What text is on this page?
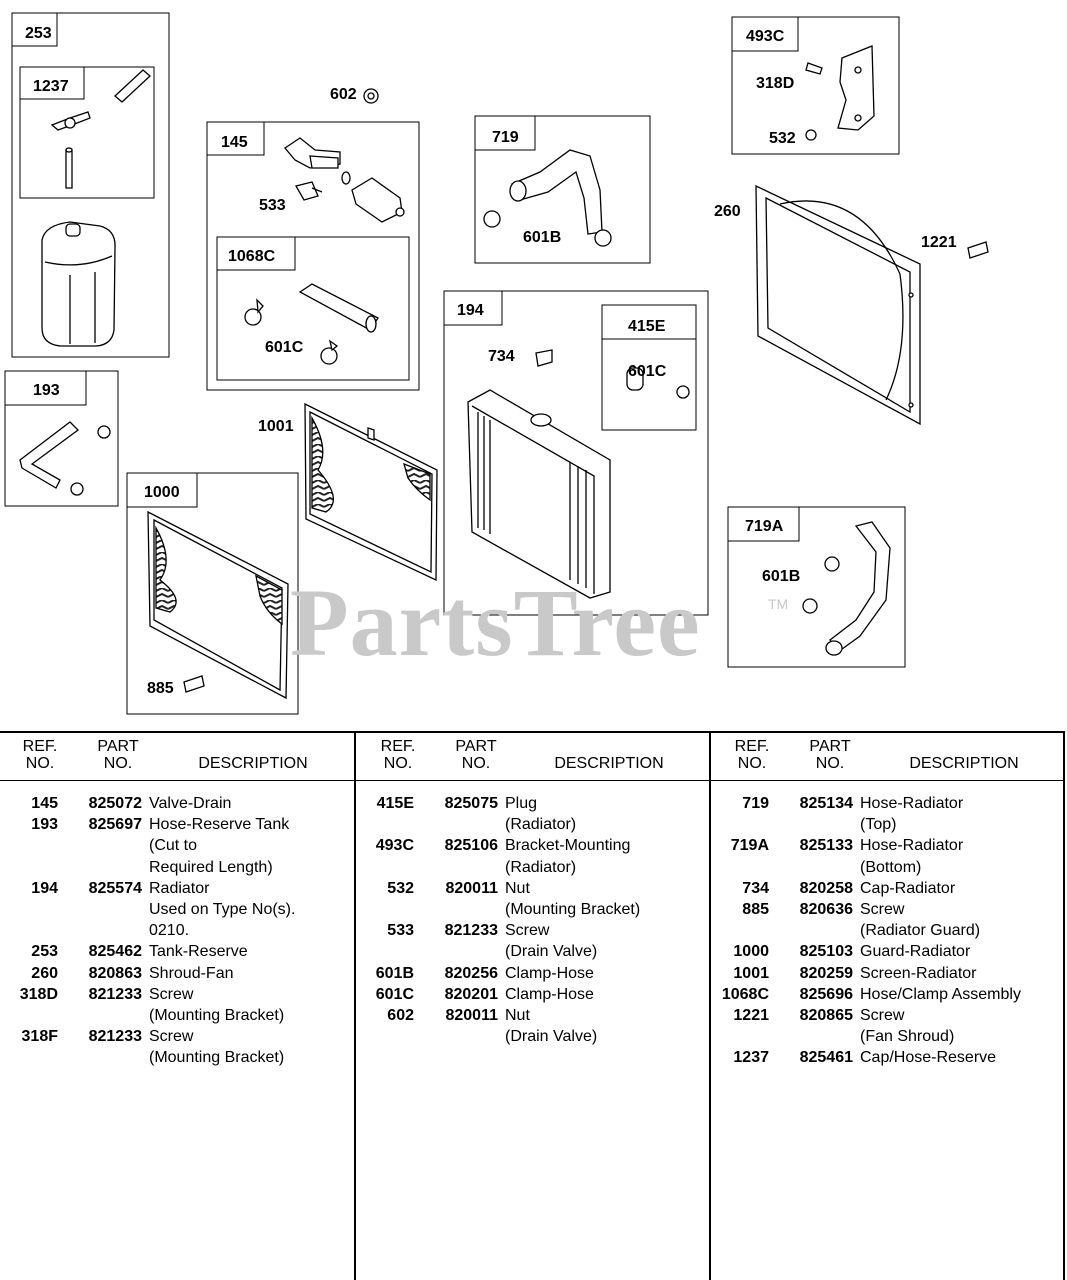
253
1237	602
145
533
1068C
601C
719
601B
493C
318D
532
260
1221
193
1001
194
734
415E
601C
1000
885
719A
601B
PartsTree	TM
REF.
NO.
PART
NO.	DESCRIPTION
145	825072 Valve-Drain
193	825697 Hose-Reserve Tank
(Cut to
Required Length)
194	825574 Radiator
Used on Type No(s).
0210.
253	825462 Tank-Reserve
260	820863 Shroud-Fan
318D	821233 Screw
(Mounting Bracket)
318F	821233 Screw
(Mounting Bracket)
REF.
NO.
PART
NO.	DESCRIPTION
415E	825075 Plug
(Radiator)
493C	825106 Bracket-Mounting
(Radiator)
532	820011 Nut
(Mounting Bracket)
533	821233 Screw
(Drain Valve)
601B	820256 Clamp-Hose
601C	820201 Clamp-Hose
602	820011 Nut
(Drain Valve)
REF.
NO.
PART
NO.	DESCRIPTION
719	825134 Hose-Radiator
(Top)
719A	825133 Hose-Radiator
(Bottom)
734	820258 Cap-Radiator
885	820636 Screw
(Radiator Guard)
1000	825103 Guard-Radiator
1001	820259 Screen-Radiator
1068C	825696 Hose/Clamp Assembly
1221	820865 Screw
(Fan Shroud)
1237	825461 Cap/Hose-Reserve
